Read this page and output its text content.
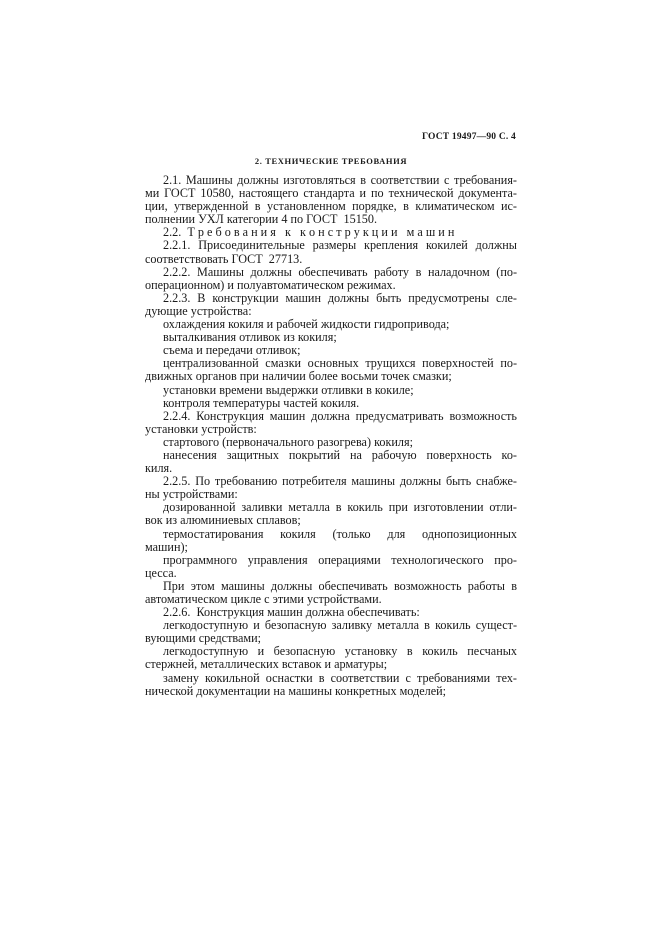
ГОСТ 19497—90 С. 4
2. ТЕХНИЧЕСКИЕ ТРЕБОВАНИЯ
2.1. Машины должны изготовляться в соответствии с требования-
ми ГОСТ 10580, настоящего стандарта и по технической документа-
ции, утвержденной в установленном порядке, в климатическом ис-
полнении УХЛ категории 4 по ГОСТ  15150.
2.2.  Т р е б о в а н и я   к   к о н с т р у к ц и и   м а ш и н
2.2.1. Присоединительные размеры крепления кокилей должны
соответствовать ГОСТ  27713.
2.2.2. Машины должны обеспечивать работу в наладочном (по-
операционном) и полуавтоматическом режимах.
2.2.3. В конструкции машин должны быть предусмотрены сле-
дующие устройства:
охлаждения кокиля и рабочей жидкости гидропривода;
выталкивания отливок из кокиля;
съема и передачи отливок;
централизованной смазки основных трущихся поверхностей по-
движных органов при наличии более восьми точек смазки;
установки времени выдержки отливки в кокиле;
контроля температуры частей кокиля.
2.2.4. Конструкция машин должна предусматривать возможность
установки устройств:
стартового (первоначального разогрева) кокиля;
нанесения защитных покрытий на рабочую поверхность ко-
киля.
2.2.5. По требованию потребителя машины должны быть снабже-
ны устройствами:
дозированной заливки металла в кокиль при изготовлении отли-
вок из алюминиевых сплавов;
термостатирования кокиля (только для однопозиционных
машин);
программного управления операциями технологического про-
цесса.
При этом машины должны обеспечивать возможность работы в
автоматическом цикле с этими устройствами.
2.2.6.  Конструкция машин должна обеспечивать:
легкодоступную и безопасную заливку металла в кокиль сущест-
вующими средствами;
легкодоступную и безопасную установку в кокиль песчаных
стержней, металлических вставок и арматуры;
замену кокильной оснастки в соответствии с требованиями тех-
нической документации на машины конкретных моделей;
